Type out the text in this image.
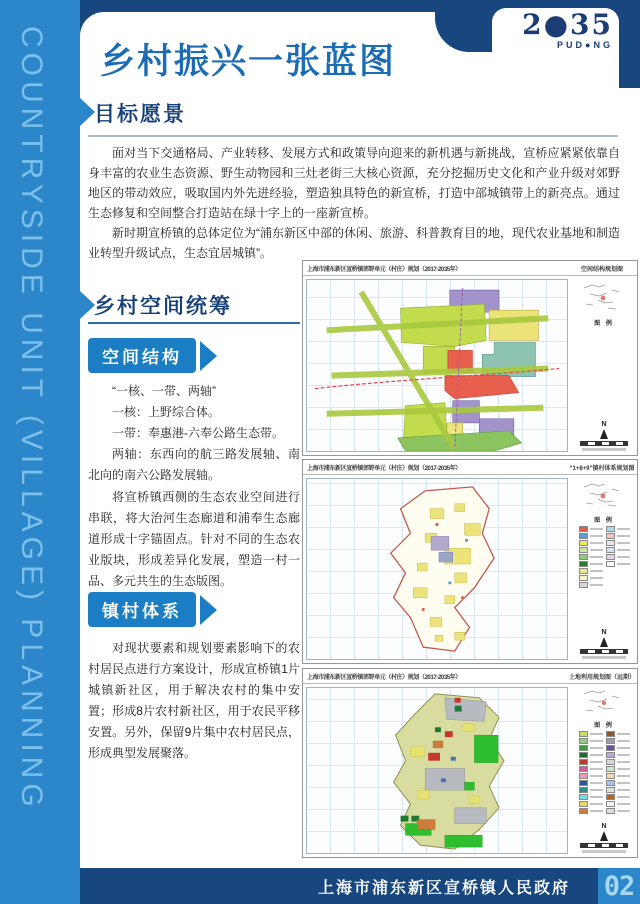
COUNTRYSIDE UNIT (VILLAGE) PLANNING
2●35
PUD●NG
乡村振兴一张蓝图
目标愿景

面对当下交通格局、产业转移、发展方式和政策导向迎来的新机遇与新挑战，宣桥应紧紧依靠自身丰富的农业生态资源、野生动物园和三灶老街三大核心资源，充分挖掘历史文化和产业升级对郊野地区的带动效应，吸取国内外先进经验，塑造独具特色的新宣桥，打造中部城镇带上的新亮点。通过生态修复和空间整合打造站在绿十字上的一座新宣桥。

新时期宣桥镇的总体定位为“浦东新区中部的休闲、旅游、科普教育目的地，现代农业基地和制造业转型升级试点，生态宜居城镇”。

乡村空间统筹
空间结构

“一核、一带、两轴”

一核：上野综合体。

一带：奉惠港-六奉公路生态带。

两轴：东西向的航三路发展轴、南北向的南六公路发展轴。

将宣桥镇西侧的生态农业空间进行串联，将大治河生态廊道和浦奉生态廊道形成十字锚固点。针对不同的生态农业版块，形成差异化发展，塑造一村一品、多元共生的生态版图。

镇村体系

对现状要素和规划要素影响下的农村居民点进行方案设计，形成宣桥镇1片城镇新社区，用于解决农村的集中安置；形成8片农村新社区，用于农民平移安置。另外，保留9片集中农村居民点，形成典型发展聚落。

上海市浦东新区宣桥镇郊野单元（村庄）规划（2017-2035年）	空间结构规划图
图 例
N
上海市浦东新区宣桥镇郊野单元（村庄）规划（2017-2035年）	“1+8+9”镇村体系规划图
图 例
N
上海市浦东新区宣桥镇郊野单元（村庄）规划（2017-2035年）	土地利用规划图（远期）
图 例
N
上海市浦东新区宣桥镇人民政府 02
